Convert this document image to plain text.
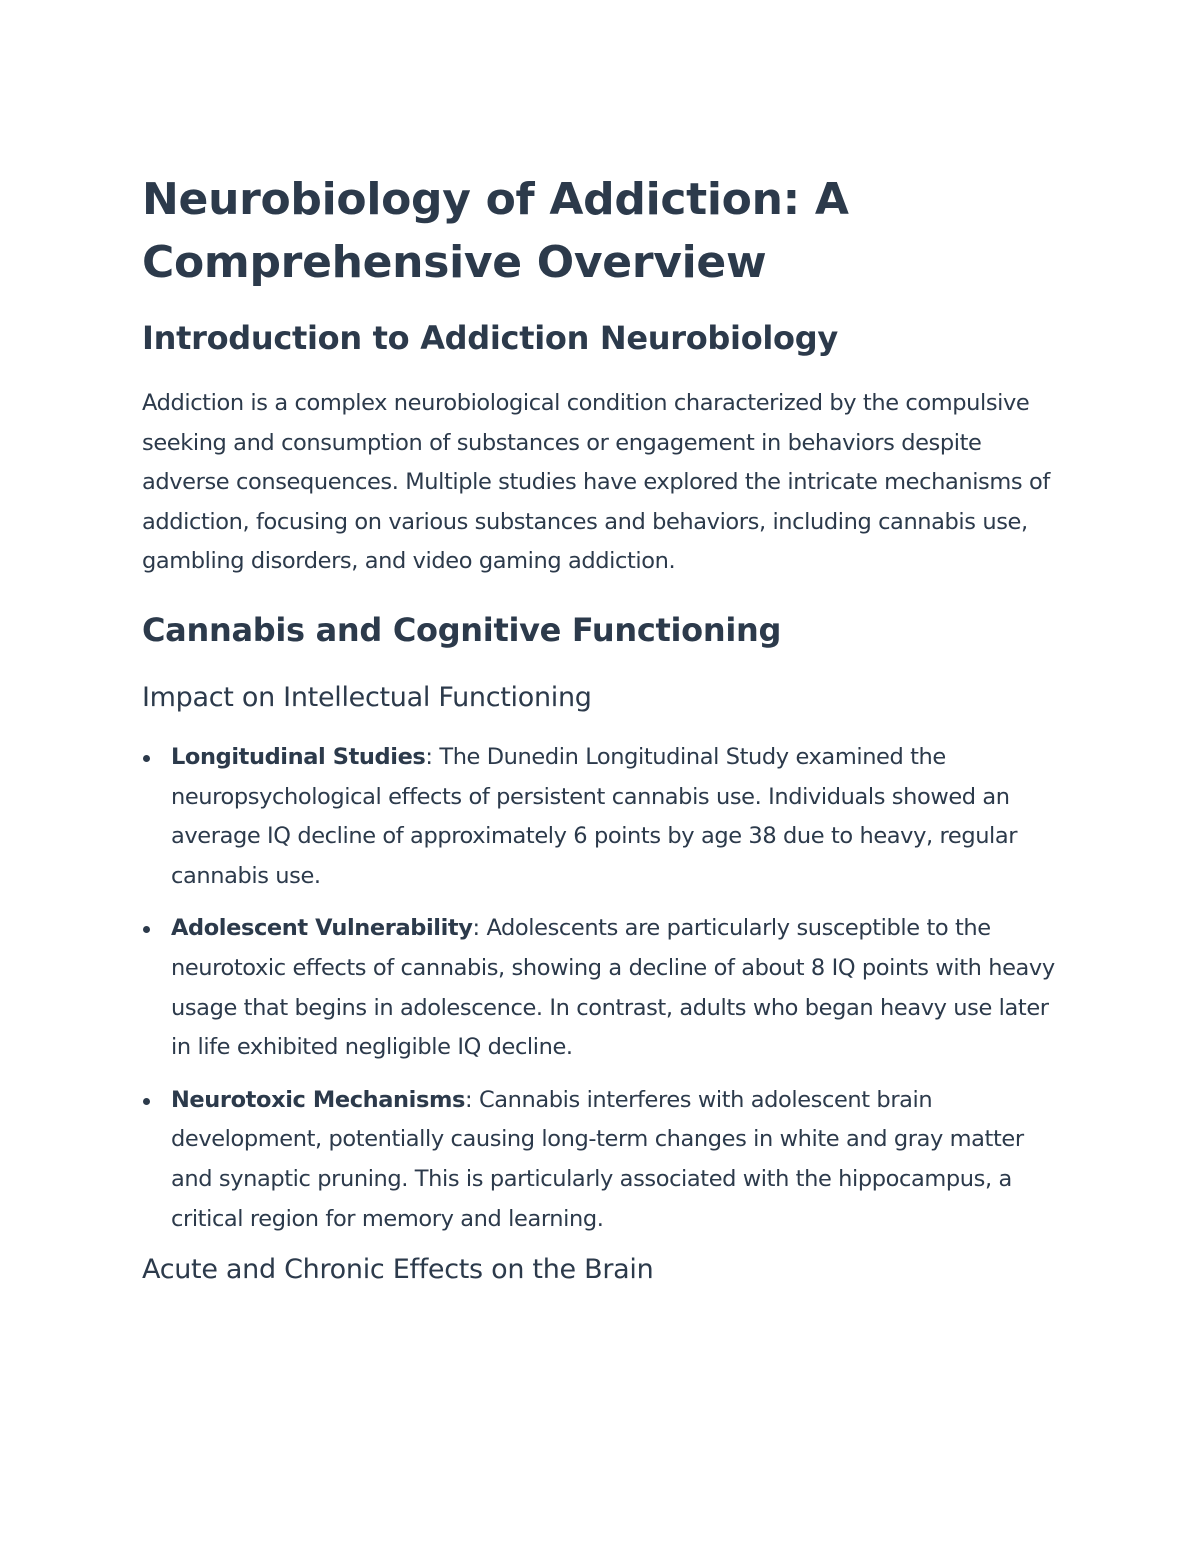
Neurobiology of Addiction: A Comprehensive Overview
Introduction to Addiction Neurobiology

Addiction is a complex neurobiological condition characterized by the compulsive seeking and consumption of substances or engagement in behaviors despite adverse consequences. Multiple studies have explored the intricate mechanisms of addiction, focusing on various substances and behaviors, including cannabis use, gambling disorders, and video gaming addiction.

Cannabis and Cognitive Functioning
Impact on Intellectual Functioning
Longitudinal Studies: The Dunedin Longitudinal Study examined the neuropsychological effects of persistent cannabis use. Individuals showed an average IQ decline of approximately 6 points by age 38 due to heavy, regular cannabis use.
Adolescent Vulnerability: Adolescents are particularly susceptible to the neurotoxic effects of cannabis, showing a decline of about 8 IQ points with heavy usage that begins in adolescence. In contrast, adults who began heavy use later in life exhibited negligible IQ decline.
Neurotoxic Mechanisms: Cannabis interferes with adolescent brain development, potentially causing long-term changes in white and gray matter and synaptic pruning. This is particularly associated with the hippocampus, a critical region for memory and learning.
Acute and Chronic Effects on the Brain
